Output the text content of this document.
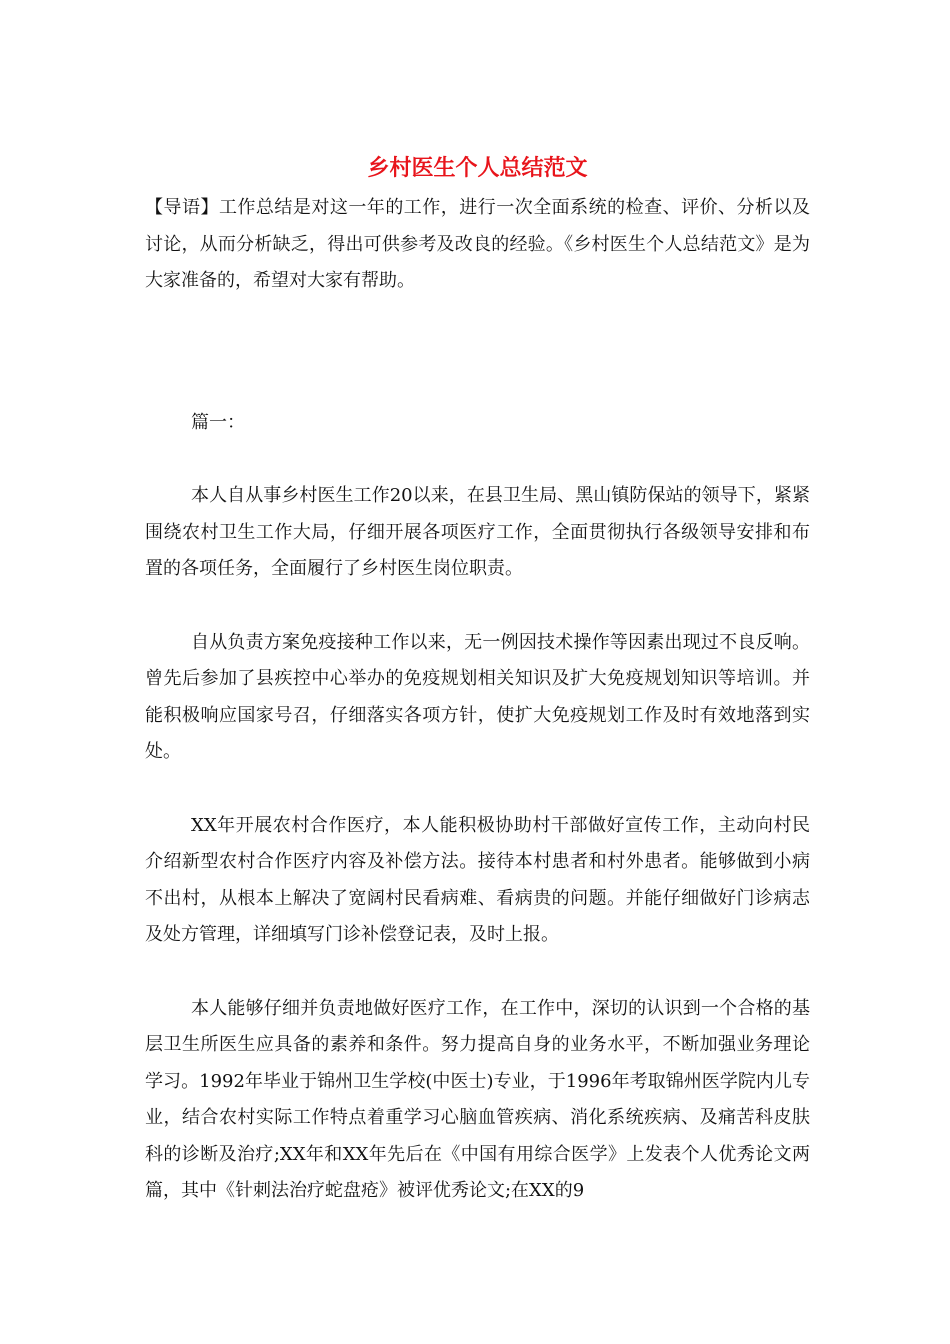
乡村医生个人总结范文

【导语】工作总结是对这一年的工作，进行一次全面系统的检查、评价、分析以及讨论，从而分析缺乏，得出可供参考及改良的经验。《乡村医生个人总结范文》是为大家准备的，希望对大家有帮助。

篇一：

本人自从事乡村医生工作20以来，在县卫生局、黑山镇防保站的领导下，紧紧围绕农村卫生工作大局，仔细开展各项医疗工作，全面贯彻执行各级领导安排和布置的各项任务，全面履行了乡村医生岗位职责。

自从负责方案免疫接种工作以来，无一例因技术操作等因素出现过不良反响。曾先后参加了县疾控中心举办的免疫规划相关知识及扩大免疫规划知识等培训。并能积极响应国家号召，仔细落实各项方针，使扩大免疫规划工作及时有效地落到实处。

XX年开展农村合作医疗，本人能积极协助村干部做好宣传工作，主动向村民介绍新型农村合作医疗内容及补偿方法。接待本村患者和村外患者。能够做到小病不出村，从根本上解决了宽阔村民看病难、看病贵的问题。并能仔细做好门诊病志及处方管理，详细填写门诊补偿登记表，及时上报。

本人能够仔细并负责地做好医疗工作，在工作中，深切的认识到一个合格的基层卫生所医生应具备的素养和条件。努力提高自身的业务水平，不断加强业务理论学习。1992年毕业于锦州卫生学校(中医士)专业，于1996年考取锦州医学院内儿专业，结合农村实际工作特点着重学习心脑血管疾病、消化系统疾病、及痛苦科皮肤科的诊断及治疗;XX年和XX年先后在《中国有用综合医学》上发表个人优秀论文两篇，其中《针刺法治疗蛇盘疮》被评优秀论文;在XX的9
